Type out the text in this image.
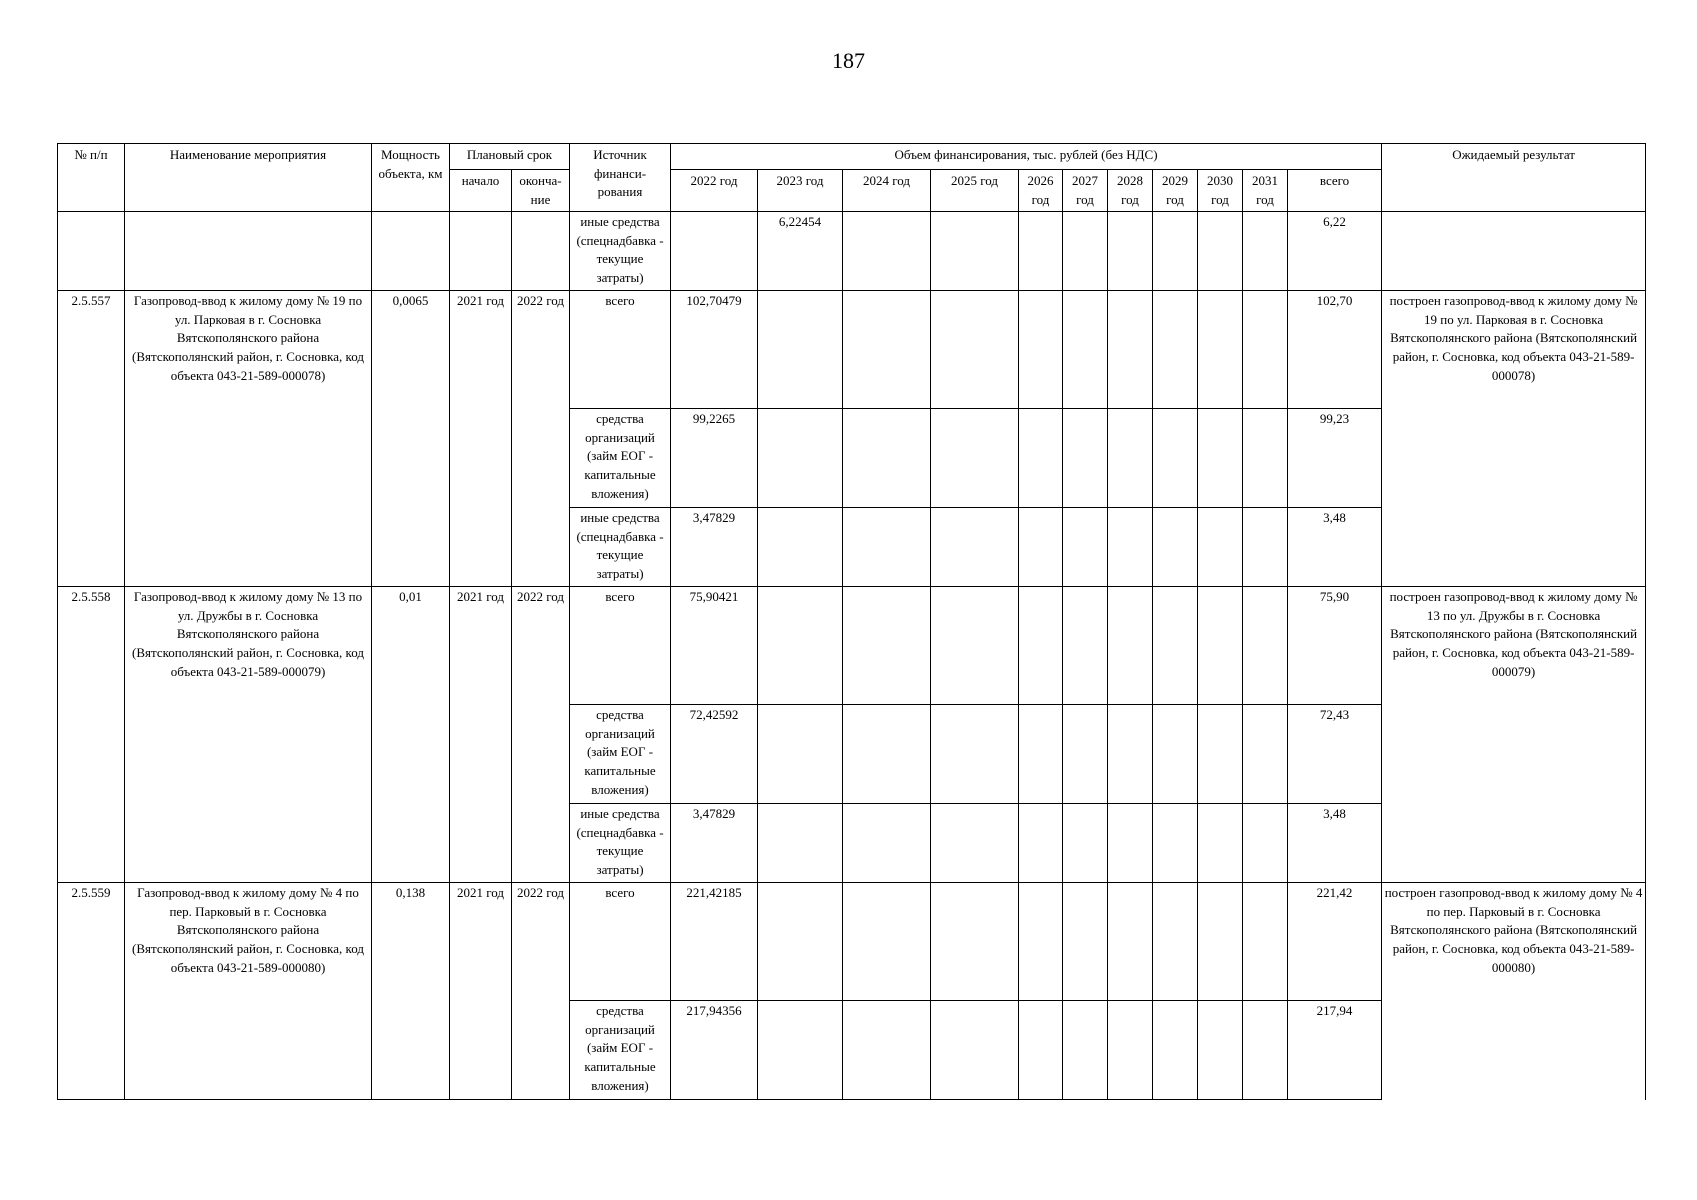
187
№ п/п	Наименование мероприятия	Мощность объекта, км	Плановый срок		Источник финанси-рования	Объем финансирования, тыс. рублей (без НДС)											Ожидаемый результат
			начало	оконча-ние		2022 год	2023 год	2024 год	2025 год	2026 год	2027 год	2028 год	2029 год	2030 год	2031 год	всего	
					иные средства (спецнадбавка - текущие затраты)		6,22454									6,22	
2.5.557	Газопровод-ввод к жилому дому № 19 по ул. Парковая в г. Сосновка Вятскополянского района (Вятскополянский район, г. Сосновка, код объекта 043-21-589-000078)	0,0065	2021 год	2022 год	всего	102,70479										102,70	построен газопровод-ввод к жилому дому № 19 по ул. Парковая в г. Сосновка Вятскополянского района (Вятскополянский район, г. Сосновка, код объекта 043-21-589-000078)
					средства организаций (займ ЕОГ - капитальные вложения)	99,2265										99,23	
					иные средства (спецнадбавка - текущие затраты)	3,47829										3,48	
2.5.558	Газопровод-ввод к жилому дому № 13 по ул. Дружбы в г. Сосновка Вятскополянского района (Вятскополянский район, г. Сосновка, код объекта 043-21-589-000079)	0,01	2021 год	2022 год	всего	75,90421										75,90	построен газопровод-ввод к жилому дому № 13 по ул. Дружбы в г. Сосновка Вятскополянского района (Вятскополянский район, г. Сосновка, код объекта 043-21-589-000079)
					средства организаций (займ ЕОГ - капитальные вложения)	72,42592										72,43	
					иные средства (спецнадбавка - текущие затраты)	3,47829										3,48	
2.5.559	Газопровод-ввод к жилому дому № 4 по пер. Парковый в г. Сосновка Вятскополянского района (Вятскополянский район, г. Сосновка, код объекта 043-21-589-000080)	0,138	2021 год	2022 год	всего	221,42185										221,42	построен газопровод-ввод к жилому дому № 4 по пер. Парковый в г. Сосновка Вятскополянского района (Вятскополянский район, г. Сосновка, код объекта 043-21-589-000080)
					средства организаций (займ ЕОГ - капитальные вложения)	217,94356										217,94	
